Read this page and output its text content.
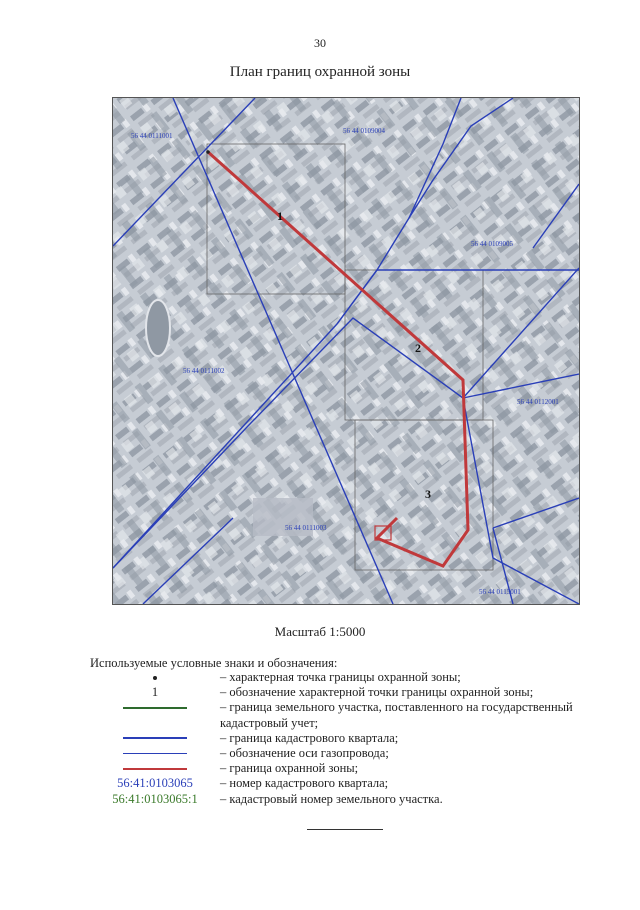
30
План границ охранной зоны
56 44 0111001
56 44 0109004
56 44 0109005
56 44 0111002
56 44 0112001
56 44 0111003
56 44 0115001
1
2
3
Масштаб 1:5000
Используемые условные знаки и обозначения:
– характерная точка границы охранной зоны;
1	– обозначение характерной точки границы охранной зоны;
– граница земельного участка, поставленного на государственный кадастровый учет;
– граница кадастрового квартала;
– обозначение оси газопровода;
– граница охранной зоны;
56:41:0103065	– номер кадастрового квартала;
56:41:0103065:1	– кадастровый номер земельного участка.
